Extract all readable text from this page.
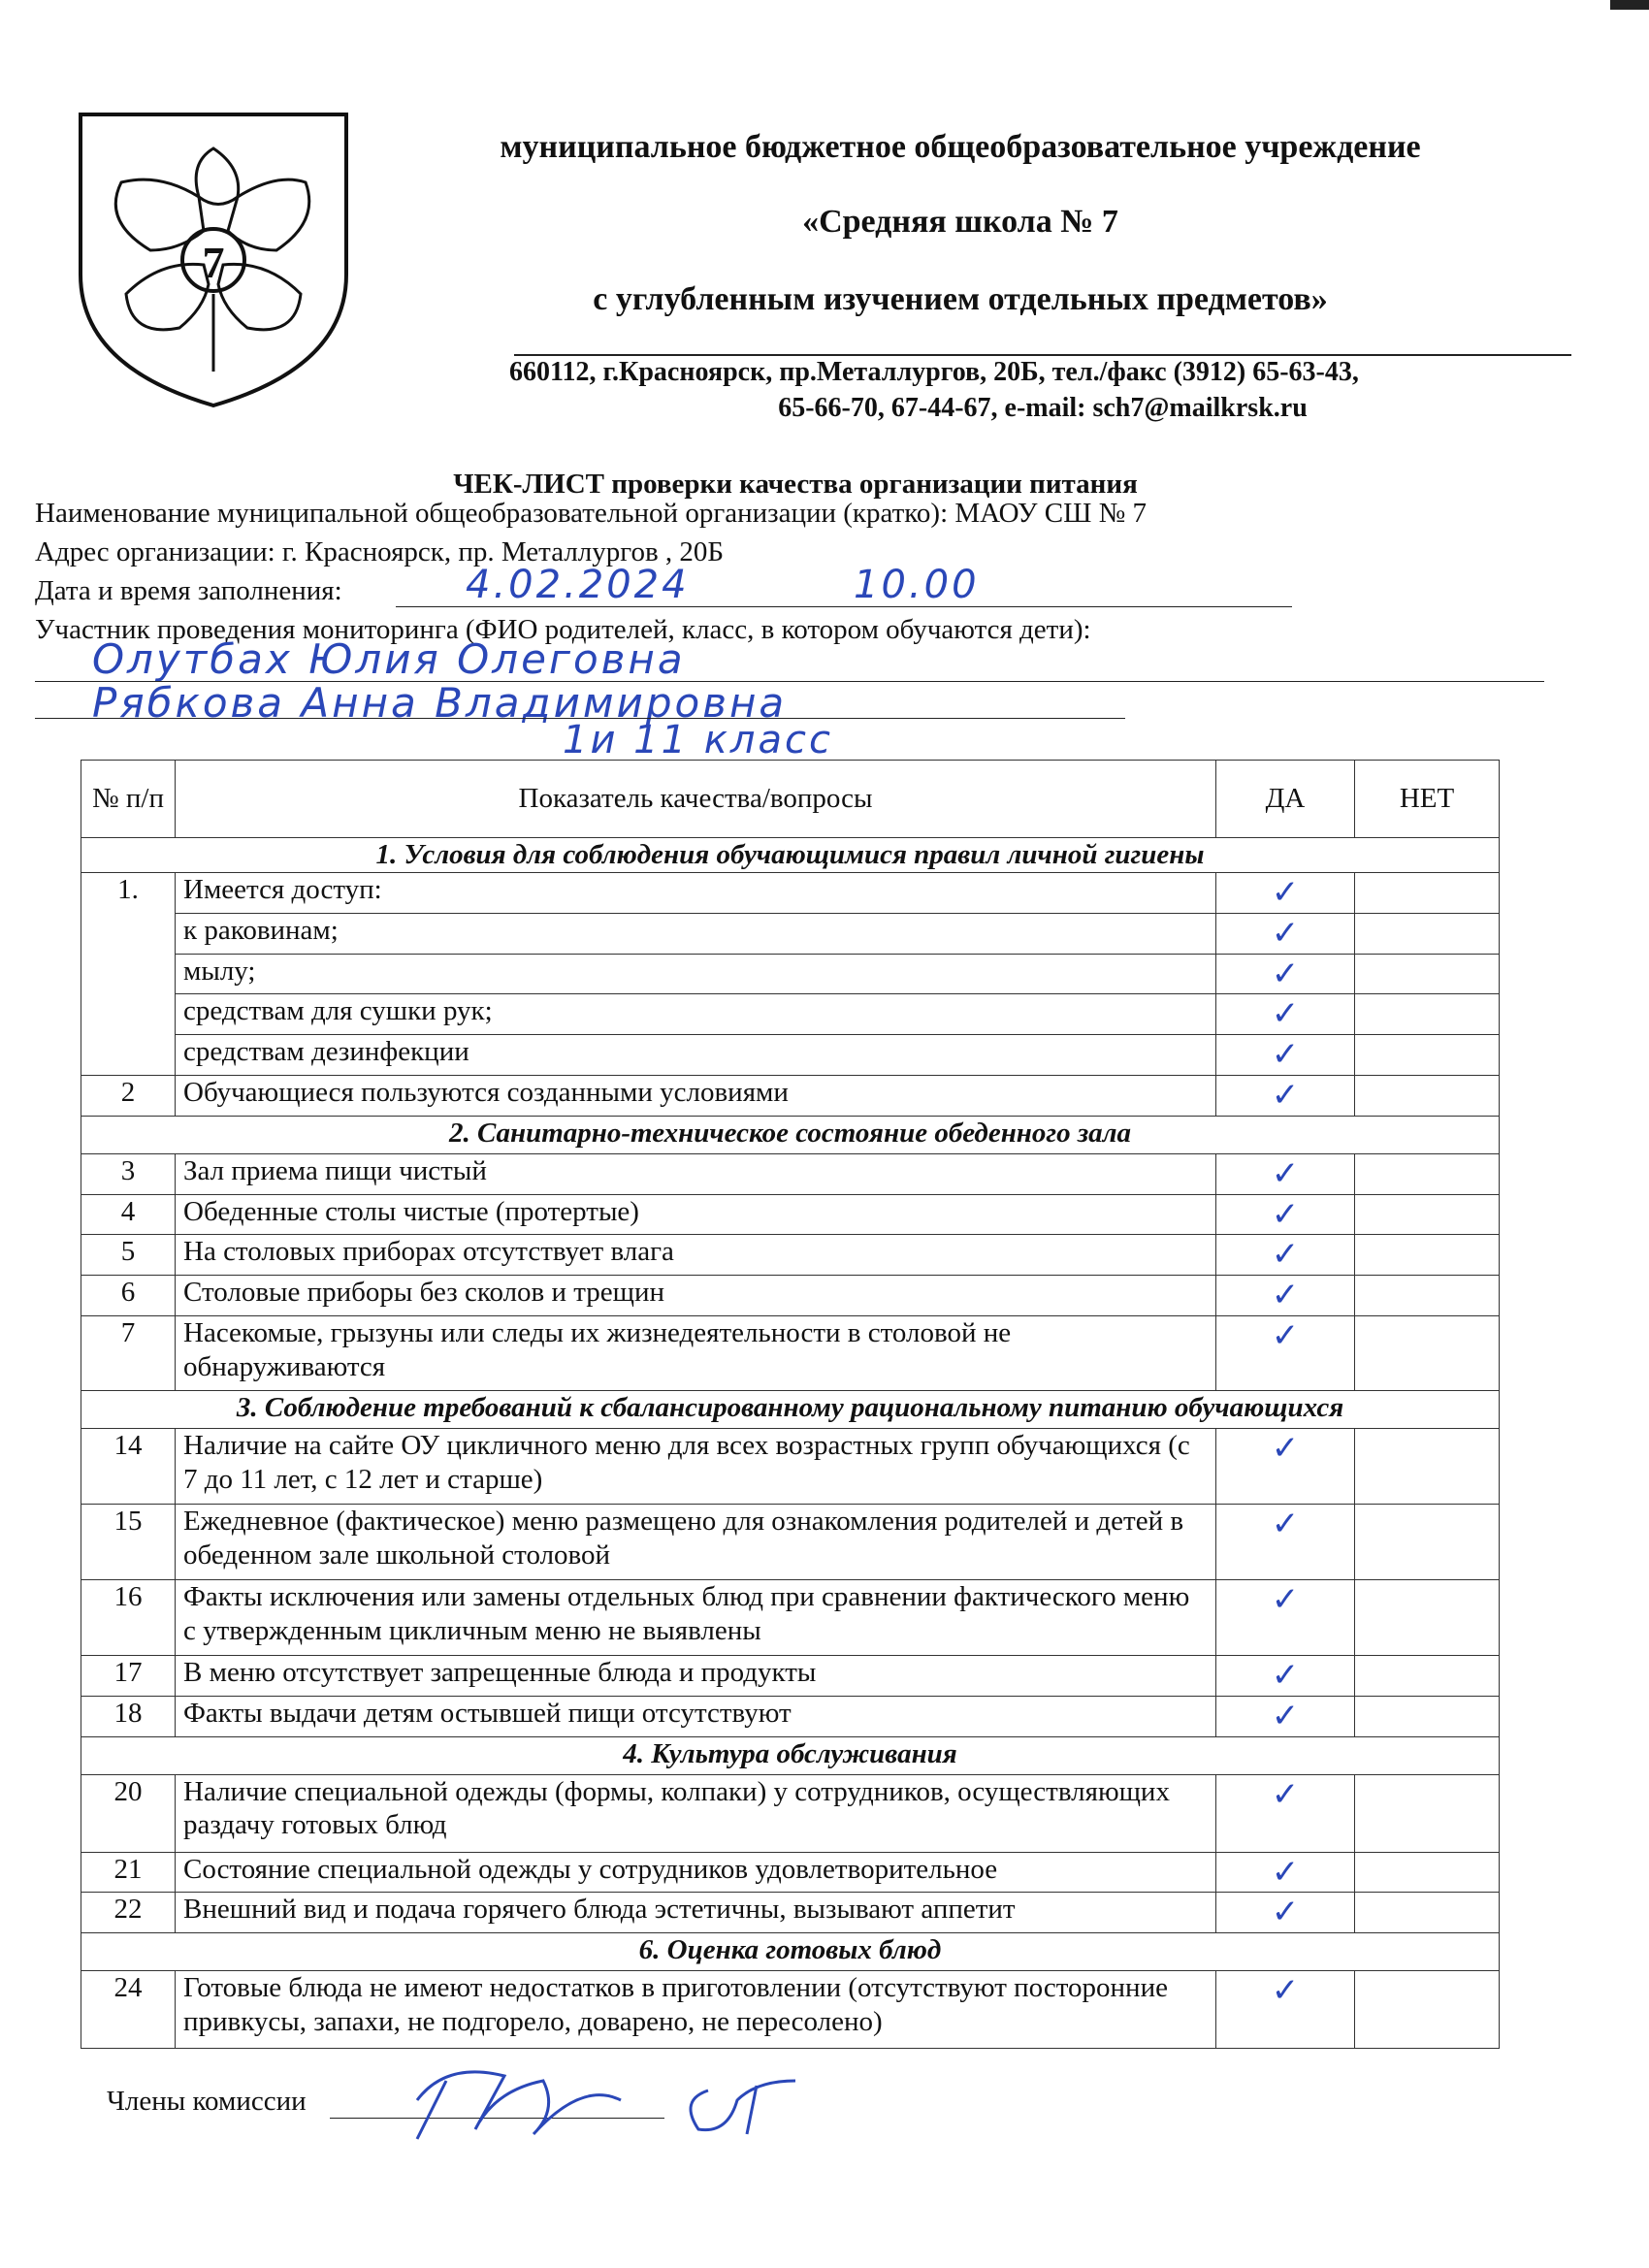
7
муниципальное бюджетное общеобразовательное учреждение
«Средняя школа № 7
с углубленным изучением отдельных предметов»
660112, г.Красноярск, пр.Металлургов, 20Б, тел./факс (3912) 65-63-43,
65-66-70, 67-44-67, e-mail: sch7@mailkrsk.ru
ЧЕК-ЛИСТ проверки качества организации питания
Наименование муниципальной общеобразовательной организации (кратко): МАОУ СШ № 7
Адрес организации: г. Красноярск, пр. Металлургов , 20Б
Дата и время заполнения:	4.02.2024	10.00
Участник проведения мониторинга (ФИО родителей, класс, в котором обучаются дети):
Олутбах Юлия Олеговна
Рябкова Анна Владимировна
1и 11 класс
№ п/п	Показатель качества/вопросы	ДА	НЕТ
1. Условия для соблюдения обучающимися правил личной гигиены			
1.	Имеется доступ:	✓	
	к раковинам;	✓	
	мылу;	✓	
	средствам для сушки рук;	✓	
	средствам дезинфекции	✓	
2	Обучающиеся пользуются созданными условиями	✓	
2. Санитарно-техническое состояние обеденного зала			
3	Зал приема пищи чистый	✓	
4	Обеденные столы чистые (протертые)	✓	
5	На столовых приборах отсутствует влага	✓	
6	Столовые приборы без сколов и трещин	✓	
7	Насекомые, грызуны или следы их жизнедеятельности в столовой не обнаруживаются	✓	
3. Соблюдение требований к сбалансированному рациональному питанию обучающихся			
14	Наличие на сайте ОУ цикличного меню для всех возрастных групп обучающихся (с 7 до 11 лет, с 12 лет и старше)	✓	
15	Ежедневное (фактическое) меню размещено для ознакомления родителей и детей в обеденном зале школьной столовой	✓	
16	Факты исключения или замены отдельных блюд при сравнении фактического меню с утвержденным цикличным меню не выявлены	✓	
17	В меню отсутствует запрещенные блюда и продукты	✓	
18	Факты выдачи детям остывшей пищи отсутствуют	✓	
4. Культура обслуживания			
20	Наличие специальной одежды (формы, колпаки) у сотрудников, осуществляющих раздачу готовых блюд	✓	
21	Состояние специальной одежды у сотрудников удовлетворительное	✓	
22	Внешний вид и подача горячего блюда эстетичны, вызывают аппетит	✓	
6. Оценка готовых блюд			
24	Готовые блюда не имеют недостатков в приготовлении (отсутствуют посторонние привкусы, запахи, не подгорело, доварено, не пересолено)	✓	
Члены комиссии
